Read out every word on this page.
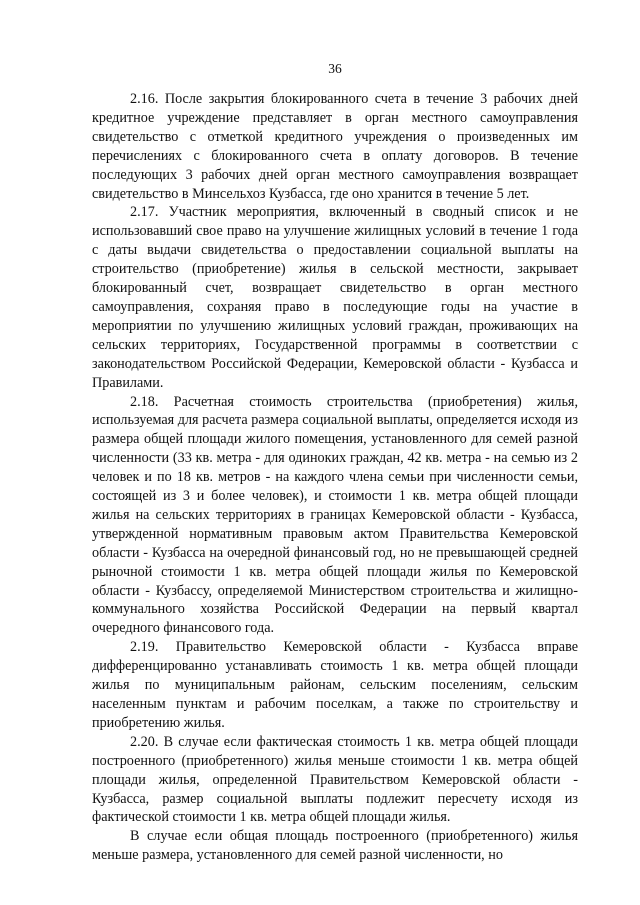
36

2.16. После закрытия блокированного счета в течение 3 рабочих дней кредитное учреждение представляет в орган местного самоуправления свидетельство с отметкой кредитного учреждения о произведенных им перечислениях с блокированного счета в оплату договоров. В течение последующих 3 рабочих дней орган местного самоуправления возвращает свидетельство в Минсельхоз Кузбасса, где оно хранится в течение 5 лет.

2.17. Участник мероприятия, включенный в сводный список и не использовавший свое право на улучшение жилищных условий в течение 1 года с даты выдачи свидетельства о предоставлении социальной выплаты на строительство (приобретение) жилья в сельской местности, закрывает блокированный счет, возвращает свидетельство в орган местного самоуправления, сохраняя право в последующие годы на участие в мероприятии по улучшению жилищных условий граждан, проживающих на сельских территориях, Государственной программы в соответствии с законодательством Российской Федерации, Кемеровской области - Кузбасса и Правилами.

2.18. Расчетная стоимость строительства (приобретения) жилья, используемая для расчета размера социальной выплаты, определяется исходя из размера общей площади жилого помещения, установленного для семей разной численности (33 кв. метра - для одиноких граждан, 42 кв. метра - на семью из 2 человек и по 18 кв. метров - на каждого члена семьи при численности семьи, состоящей из 3 и более человек), и стоимости 1 кв. метра общей площади жилья на сельских территориях в границах Кемеровской области - Кузбасса, утвержденной нормативным правовым актом Правительства Кемеровской области - Кузбасса на очередной финансовый год, но не превышающей средней рыночной стоимости 1 кв. метра общей площади жилья по Кемеровской области - Кузбассу, определяемой Министерством строительства и жилищно-коммунального хозяйства Российской Федерации на первый квартал очередного финансового года.

2.19. Правительство Кемеровской области - Кузбасса вправе дифференцированно устанавливать стоимость 1 кв. метра общей площади жилья по муниципальным районам, сельским поселениям, сельским населенным пунктам и рабочим поселкам, а также по строительству и приобретению жилья.

2.20. В случае если фактическая стоимость 1 кв. метра общей площади построенного (приобретенного) жилья меньше стоимости 1 кв. метра общей площади жилья, определенной Правительством Кемеровской области - Кузбасса, размер социальной выплаты подлежит пересчету исходя из фактической стоимости 1 кв. метра общей площади жилья.

В случае если общая площадь построенного (приобретенного) жилья меньше размера, установленного для семей разной численности, но
